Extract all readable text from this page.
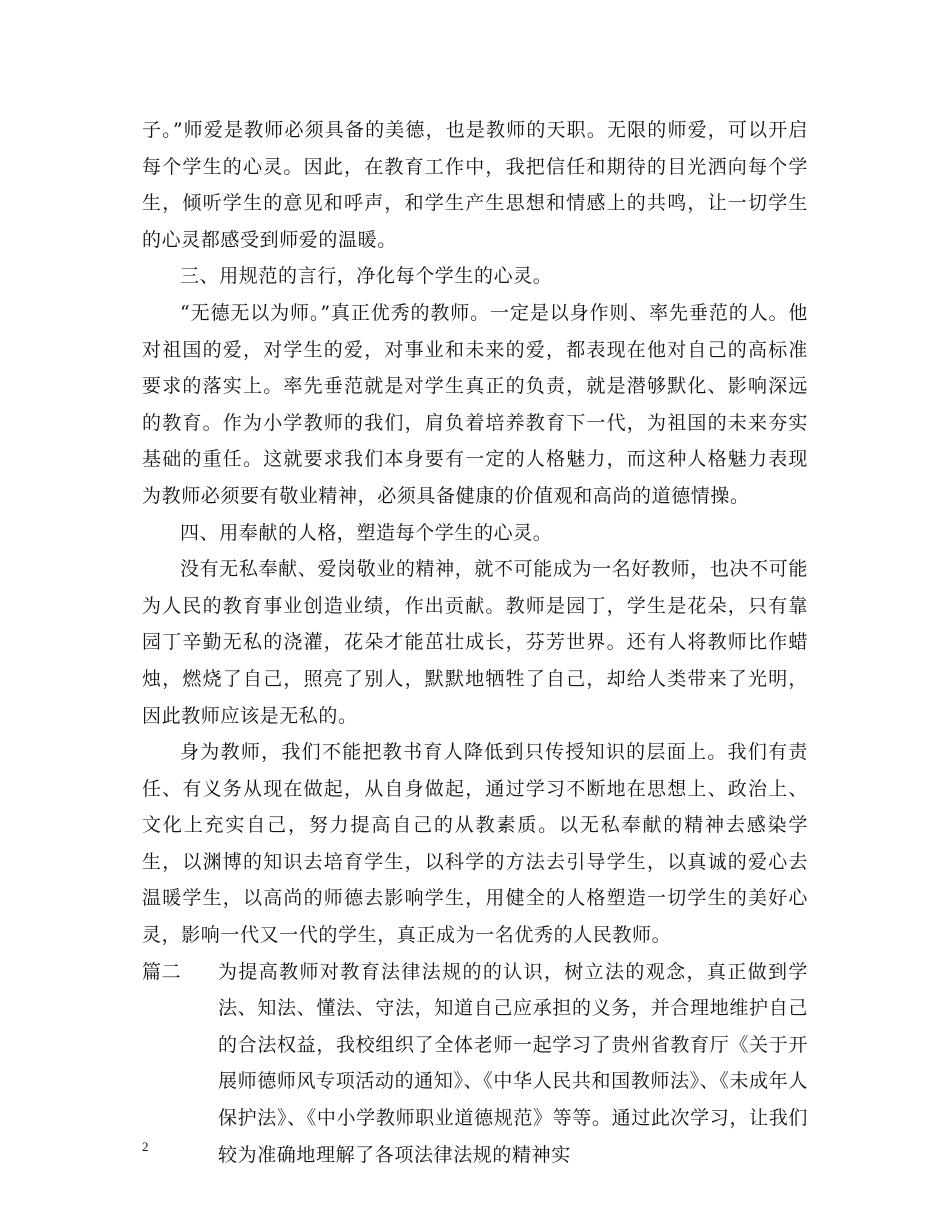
子。”师爱是教师必须具备的美德，也是教师的天职。无限的师爱，可以开启每个学生的心灵。因此，在教育工作中，我把信任和期待的目光洒向每个学生，倾听学生的意见和呼声，和学生产生思想和情感上的共鸣，让一切学生的心灵都感受到师爱的温暖。

三、用规范的言行，净化每个学生的心灵。

“无德无以为师。”真正优秀的教师。一定是以身作则、率先垂范的人。他对祖国的爱，对学生的爱，对事业和未来的爱，都表现在他对自己的高标准要求的落实上。率先垂范就是对学生真正的负责，就是潜够默化、影响深远的教育。作为小学教师的我们，肩负着培养教育下一代，为祖国的未来夯实基础的重任。这就要求我们本身要有一定的人格魅力，而这种人格魅力表现为教师必须要有敬业精神，必须具备健康的价值观和高尚的道德情操。

四、用奉献的人格，塑造每个学生的心灵。

没有无私奉献、爱岗敬业的精神，就不可能成为一名好教师，也决不可能为人民的教育事业创造业绩，作出贡献。教师是园丁，学生是花朵，只有靠园丁辛勤无私的浇灌，花朵才能茁壮成长，芬芳世界。还有人将教师比作蜡烛，燃烧了自己，照亮了别人，默默地牺牲了自己，却给人类带来了光明，因此教师应该是无私的。

身为教师，我们不能把教书育人降低到只传授知识的层面上。我们有责任、有义务从现在做起，从自身做起，通过学习不断地在思想上、政治上、文化上充实自己，努力提高自己的从教素质。以无私奉献的精神去感染学生，以渊博的知识去培育学生，以科学的方法去引导学生，以真诚的爱心去温暖学生，以高尚的师德去影响学生，用健全的人格塑造一切学生的美好心灵，影响一代又一代的学生，真正成为一名优秀的人民教师。

篇二	为提高教师对教育法律法规的的认识，树立法的观念，真正做到学法、知法、懂法、守法，知道自己应承担的义务，并合理地维护自己的合法权益，我校组织了全体老师一起学习了贵州省教育厅《关于开展师德师风专项活动的通知》、《中华人民共和国教师法》、《未成年人保护法》、《中小学教师职业道德规范》等等。通过此次学习，让我们较为准确地理解了各项法律法规的精神实

2
